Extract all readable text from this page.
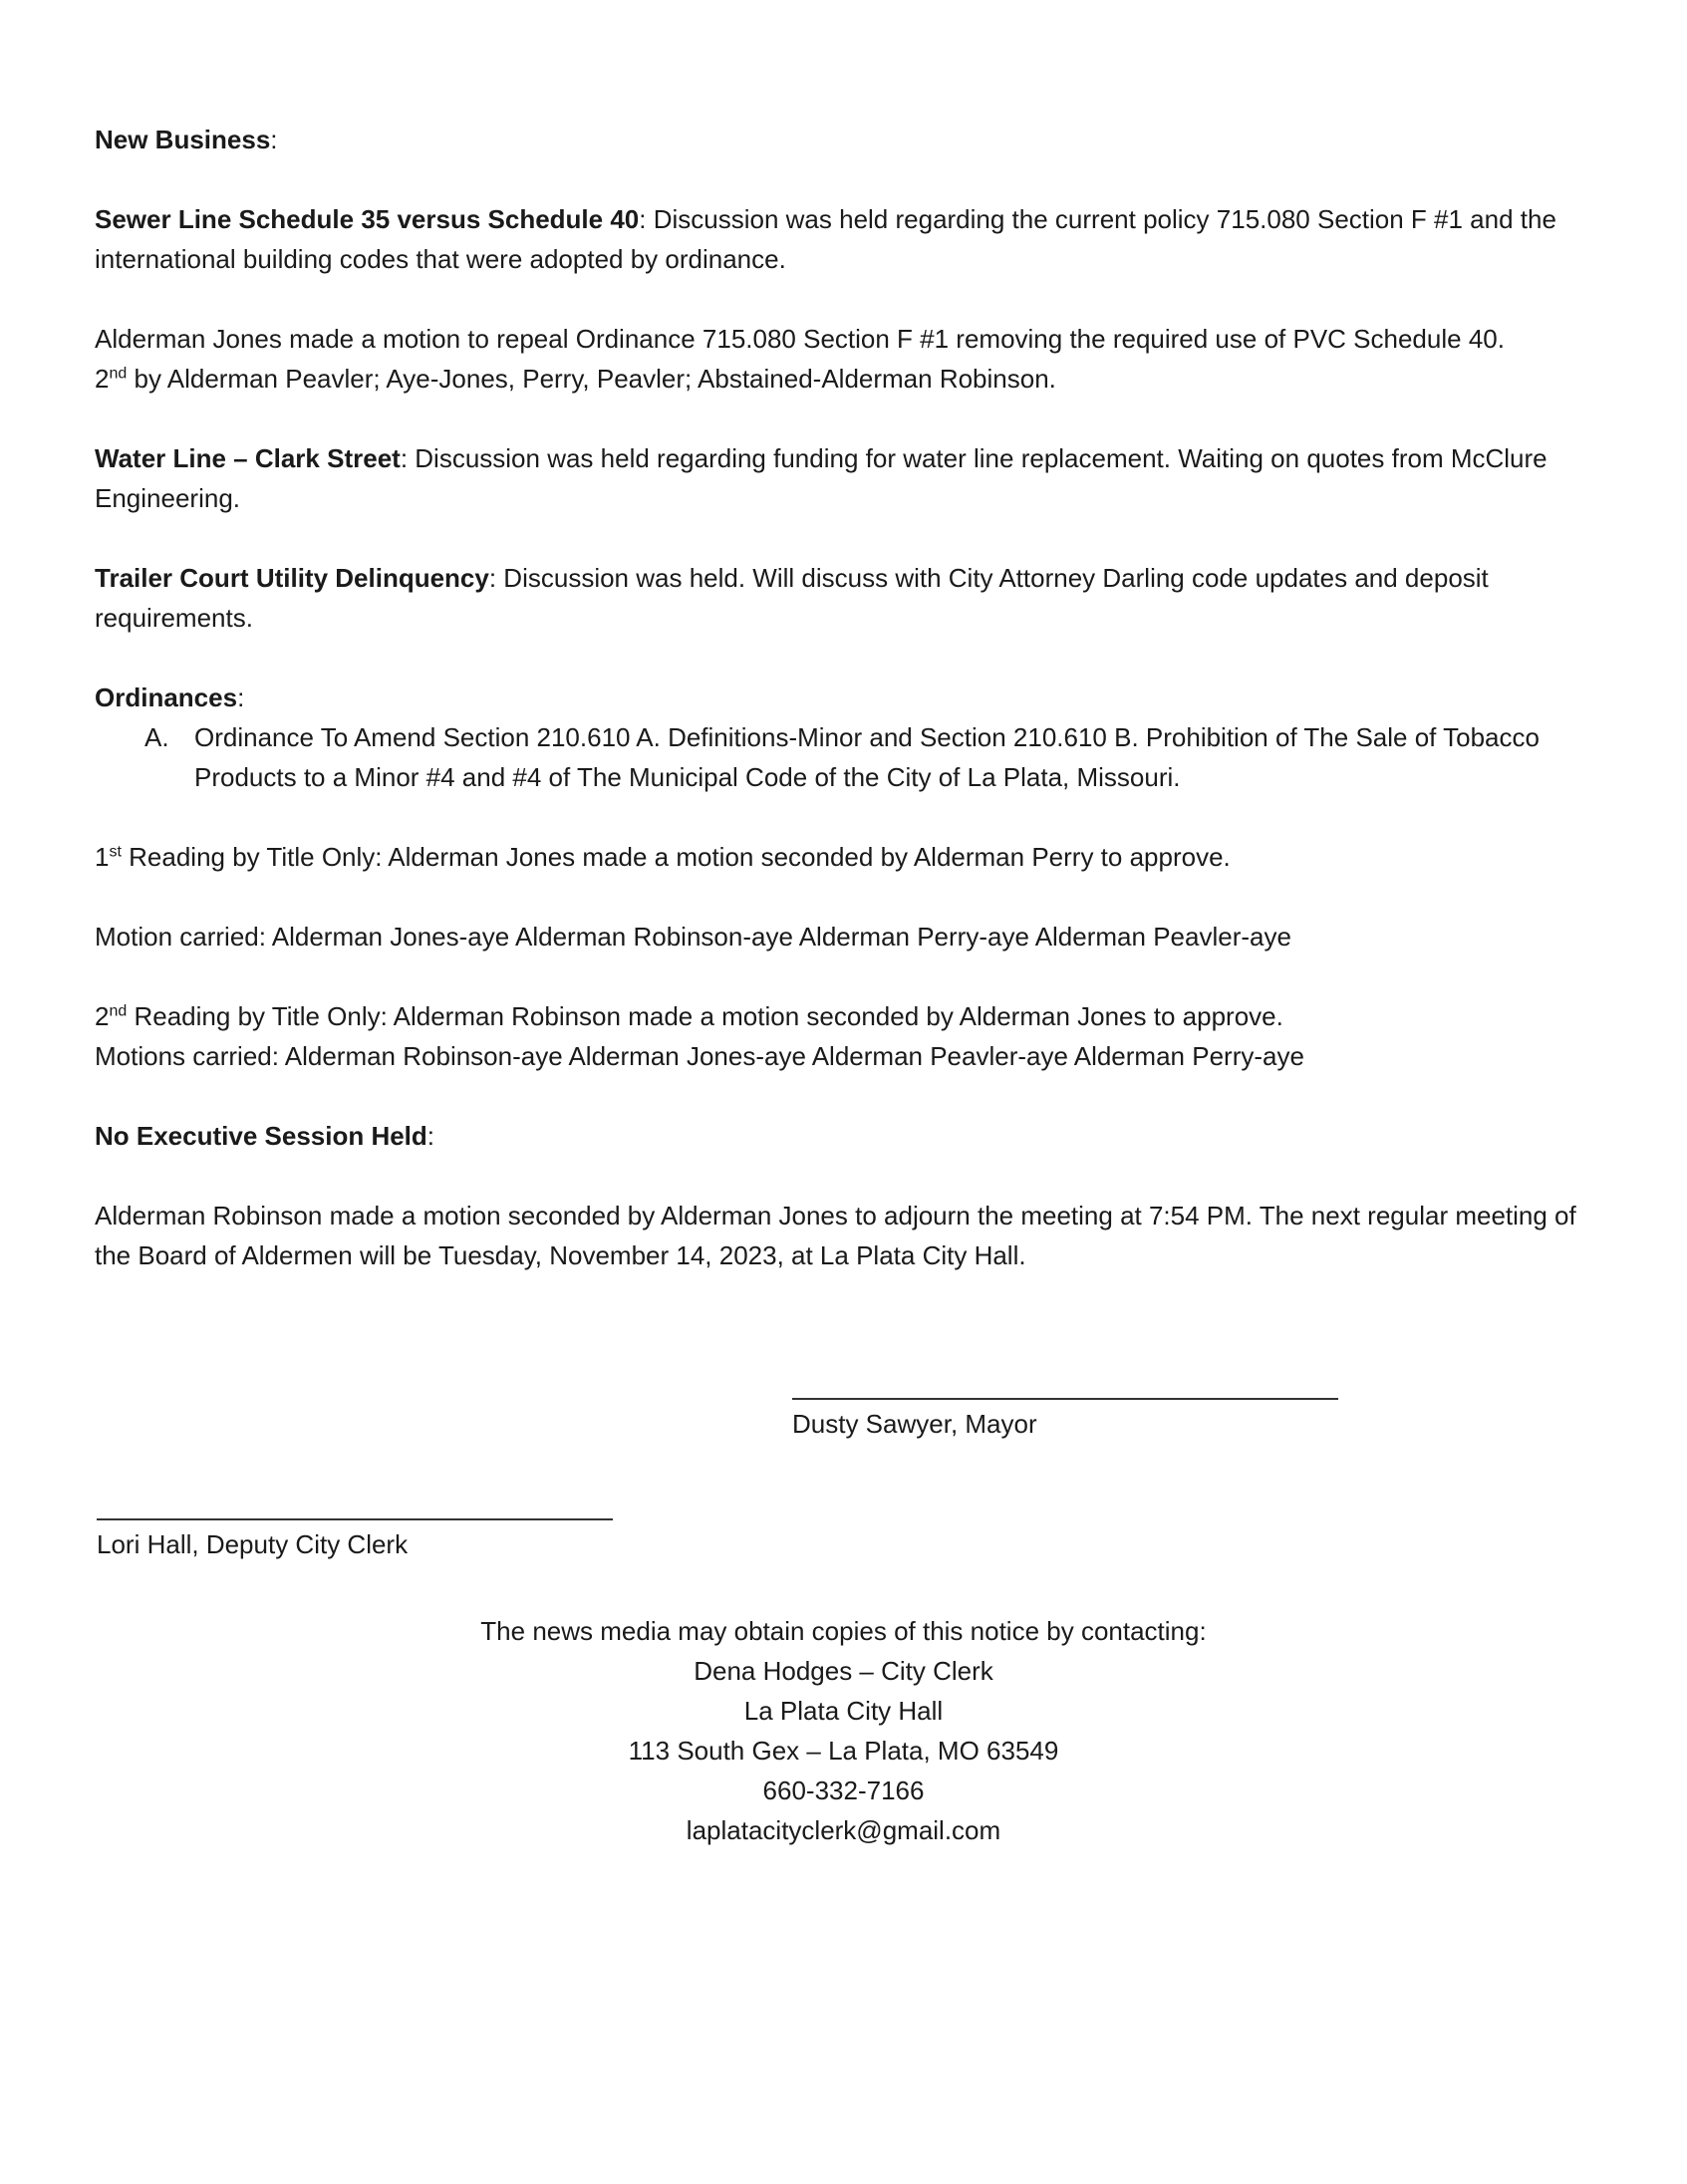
New Business:

Sewer Line Schedule 35 versus Schedule 40: Discussion was held regarding the current policy 715.080 Section F #1 and the international building codes that were adopted by ordinance.

Alderman Jones made a motion to repeal Ordinance 715.080 Section F #1 removing the required use of PVC Schedule 40.
2nd by Alderman Peavler; Aye-Jones, Perry, Peavler; Abstained-Alderman Robinson.

Water Line – Clark Street: Discussion was held regarding funding for water line replacement. Waiting on quotes from McClure Engineering.

Trailer Court Utility Delinquency: Discussion was held. Will discuss with City Attorney Darling code updates and deposit requirements.

Ordinances:

A. Ordinance To Amend Section 210.610 A. Definitions-Minor and Section 210.610 B. Prohibition of The Sale of Tobacco Products to a Minor #4 and #4 of The Municipal Code of the City of La Plata, Missouri.

1st Reading by Title Only: Alderman Jones made a motion seconded by Alderman Perry to approve.

Motion carried: Alderman Jones-aye Alderman Robinson-aye Alderman Perry-aye Alderman Peavler-aye

2nd Reading by Title Only: Alderman Robinson made a motion seconded by Alderman Jones to approve.

Motions carried: Alderman Robinson-aye Alderman Jones-aye Alderman Peavler-aye Alderman Perry-aye

No Executive Session Held:

Alderman Robinson made a motion seconded by Alderman Jones to adjourn the meeting at 7:54 PM. The next regular meeting of the Board of Aldermen will be Tuesday, November 14, 2023, at La Plata City Hall.

Dusty Sawyer, Mayor
Lori Hall, Deputy City Clerk
The news media may obtain copies of this notice by contacting:
Dena Hodges – City Clerk
La Plata City Hall
113 South Gex – La Plata, MO 63549
660-332-7166
laplatacityclerk@gmail.com
